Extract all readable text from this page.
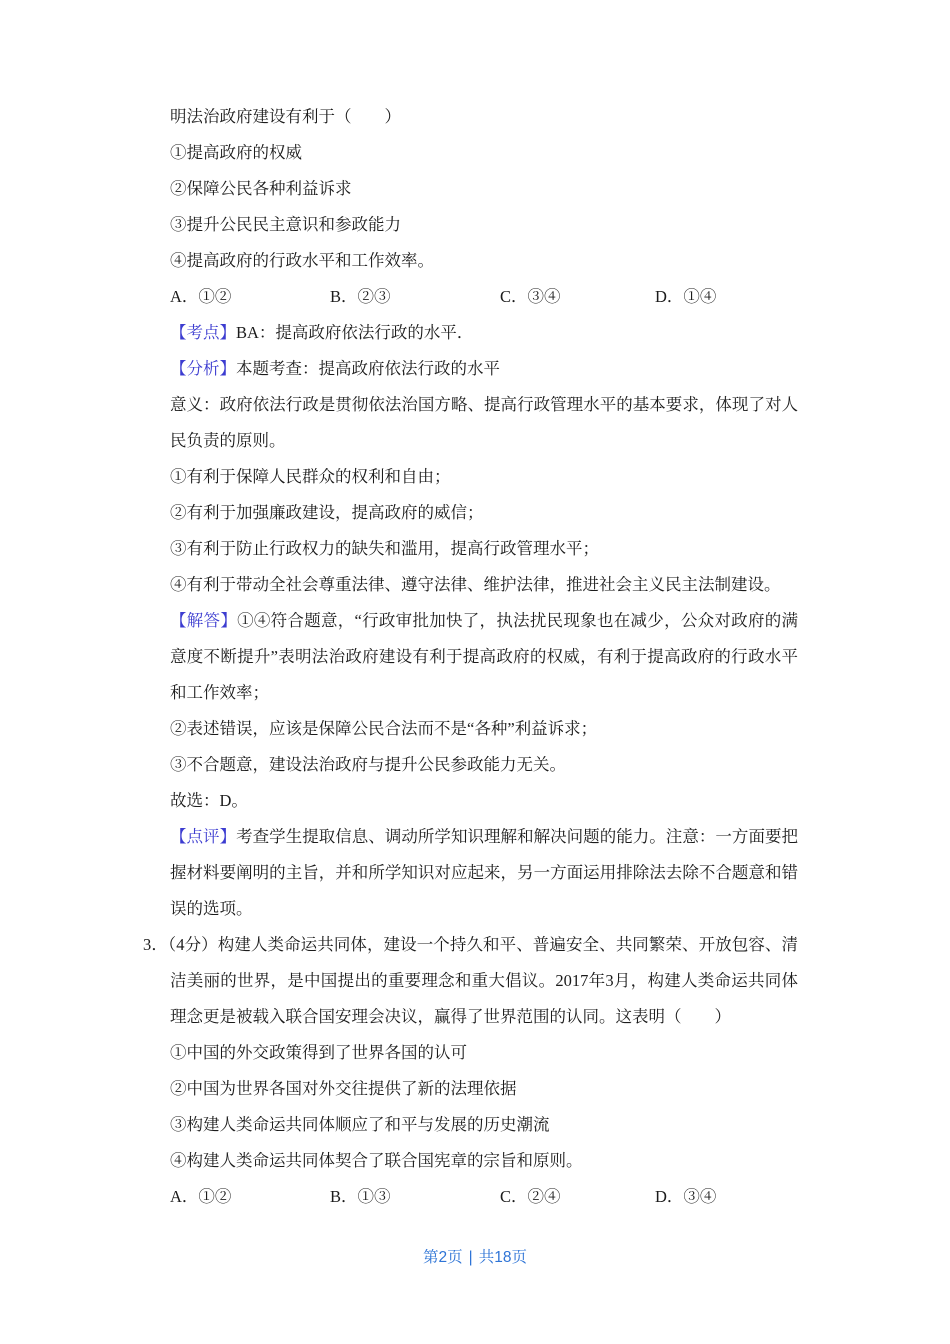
明法治政府建设有利于（　　）

①提高政府的权威

②保障公民各种利益诉求

③提升公民民主意识和参政能力

④提高政府的行政水平和工作效率。

A．①②	B．②③	C．③④	D．①④

【考点】BA：提高政府依法行政的水平．

【分析】本题考查：提高政府依法行政的水平

意义：政府依法行政是贯彻依法治国方略、提高行政管理水平的基本要求，体现了对人民负责的原则。

①有利于保障人民群众的权利和自由；

②有利于加强廉政建设，提高政府的威信；

③有利于防止行政权力的缺失和滥用，提高行政管理水平；

④有利于带动全社会尊重法律、遵守法律、维护法律，推进社会主义民主法制建设。

【解答】①④符合题意，“行政审批加快了，执法扰民现象也在减少，公众对政府的满意度不断提升”表明法治政府建设有利于提高政府的权威，有利于提高政府的行政水平和工作效率；

②表述错误，应该是保障公民合法而不是“各种”利益诉求；

③不合题意，建设法治政府与提升公民参政能力无关。

故选：D。

【点评】考查学生提取信息、调动所学知识理解和解决问题的能力。注意：一方面要把握材料要阐明的主旨，并和所学知识对应起来，另一方面运用排除法去除不合题意和错误的选项。

3．（4分）构建人类命运共同体，建设一个持久和平、普遍安全、共同繁荣、开放包容、清洁美丽的世界，是中国提出的重要理念和重大倡议。2017年3月，构建人类命运共同体理念更是被载入联合国安理会决议，赢得了世界范围的认同。这表明（　　）

①中国的外交政策得到了世界各国的认可

②中国为世界各国对外交往提供了新的法理依据

③构建人类命运共同体顺应了和平与发展的历史潮流

④构建人类命运共同体契合了联合国宪章的宗旨和原则。

A．①②	B．①③	C．②④	D．③④

第2页 | 共18页
